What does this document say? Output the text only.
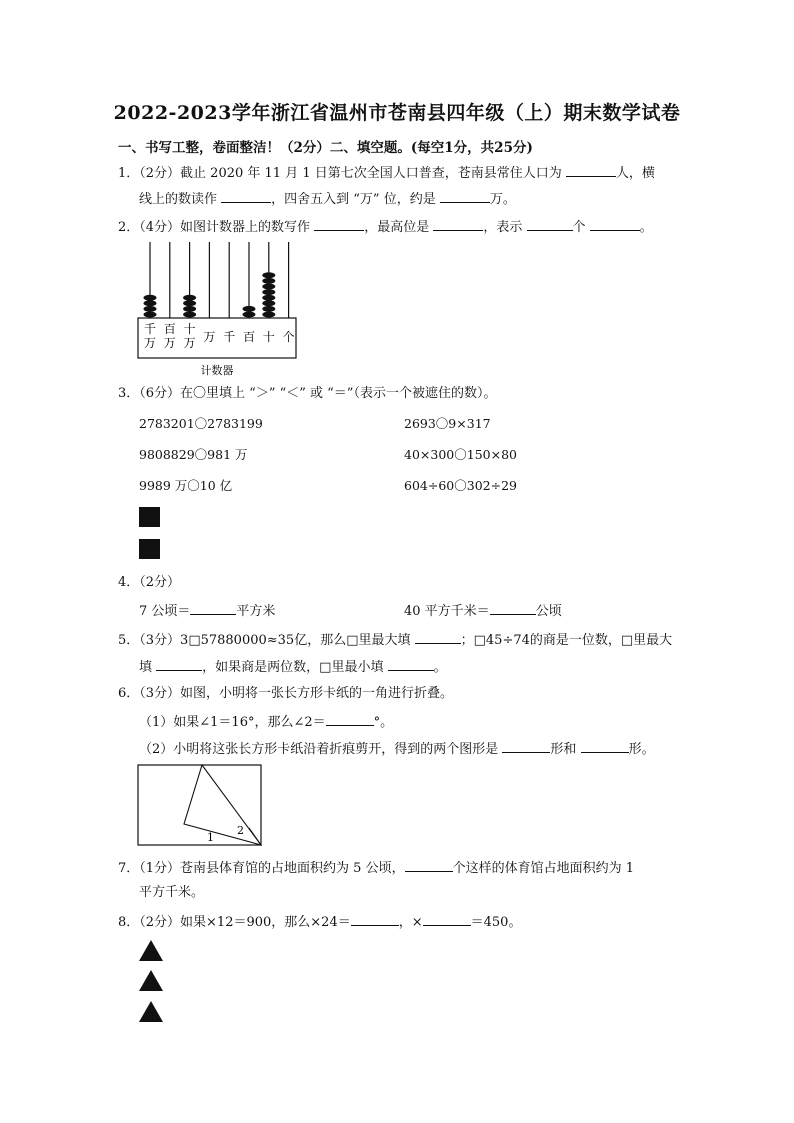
2022-2023学年浙江省温州市苍南县四年级（上）期末数学试卷
一、书写工整，卷面整洁！（2分）二、填空题。(每空1分，共25分)
1．（2分）截止 2020 年 11 月 1 日第七次全国人口普查，苍南县常住人口为	人，横
线上的数读作	，四舍五入到 “万” 位，约是	万。
2．（4分）如图计数器上的数写作	，最高位是	，表示	个	。
千
万
百
万
十
万 万 千 百 十 个
计数器
3．（6分）在〇里填上 “＞” “＜” 或 “＝”（表示一个被遮住的数）。
2783201〇2783199	2693〇9×317
9808829〇981 万	40×300〇150×80
9989 万〇10 亿	604÷60〇302÷29
4．（2分）
7 公顷＝	平方米	40 平方千米＝	公顷
5．（3分）3□57880000≈35亿，那么□里最大填	；□45÷74的商是一位数，□里最大
填	，如果商是两位数，□里最小填	。
6．（3分）如图，小明将一张长方形卡纸的一角进行折叠。
（1）如果∠1＝16°，那么∠2＝	°。
（2）小明将这张长方形卡纸沿着折痕剪开，得到的两个图形是	形和	形。
1
2
7．（1分）苍南县体育馆的占地面积约为 5 公顷，	个这样的体育馆占地面积约为 1
平方千米。
8．（2分）如果×12＝900，那么×24＝	，×	＝450。
